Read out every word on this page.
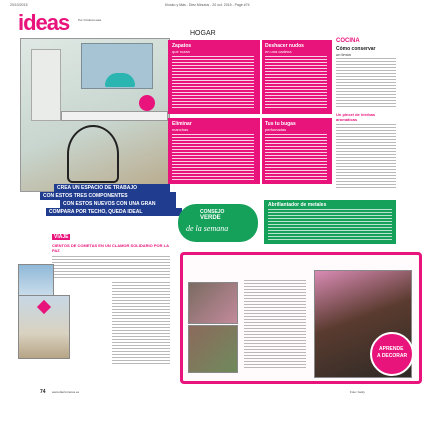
20/10/2015	Kiosko y Más - Diez Minutos - 20 oct. 2015 - Page #74
ideas	Por Cristina Lasa
HOGAR
CREA UN ESPACIO DE TRABAJO
CON ESTOS TRES COMPONENTES
CON ESTOS NUEVOS CON UNA GRAN
COMPARA POR TECHO, QUEDA IDEAL
Zapatos
que rozan
Deshacer nudos
en una cadena
Eliminar
manchas
Tus tu bugas
perfumadas
COCINA
Cómo conservar
un limón
Un pincel de hierbas aromáticas
CONSEJO
VERDE
de la semana
Abrillantador de metales
VIAJE
CIENTOS DE COMETAS EN UN CLAMOR SOLIDARIO POR LA PAZ
APRENDE
A DECORAR
74 www.diezminutos.es	Foto: Getty
